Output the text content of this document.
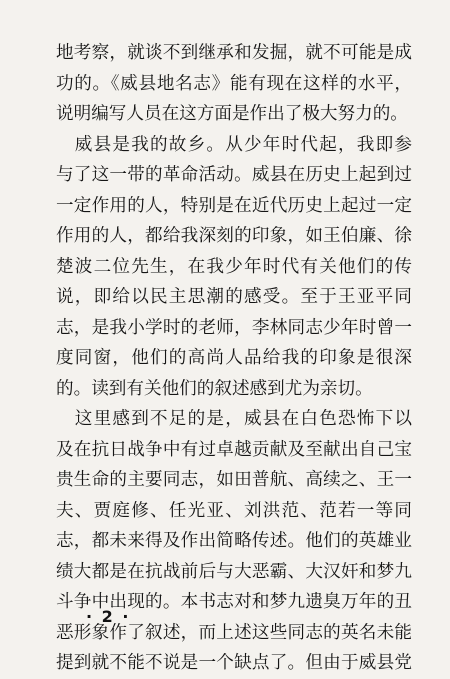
地考察，就谈不到继承和发掘，就不可能是成
功的。《威县地名志》能有现在这样的水平，
说明编写人员在这方面是作出了极大努力的。
　威县是我的故乡。从少年时代起，我即参
与了这一带的革命活动。威县在历史上起到过
一定作用的人，特别是在近代历史上起过一定
作用的人，都给我深刻的印象，如王伯廉、徐
楚波二位先生，在我少年时代有关他们的传
说，即给以民主思潮的感受。至于王亚平同
志，是我小学时的老师，李林同志少年时曾一
度同窗，他们的高尚人品给我的印象是很深
的。读到有关他们的叙述感到尤为亲切。
　这里感到不足的是，威县在白色恐怖下以
及在抗日战争中有过卓越贡献及至献出自己宝
贵生命的主要同志，如田普航、高续之、王一
夫、贾庭修、任光亚、刘洪范、范若一等同
志，都未来得及作出简略传述。他们的英雄业
绩大都是在抗战前后与大恶霸、大汉奸和梦九
斗争中出现的。本书志对和梦九遗臭万年的丑
恶形象作了叙述，而上述这些同志的英名未能
提到就不能不说是一个缺点了。但由于威县党
· 2 ·
